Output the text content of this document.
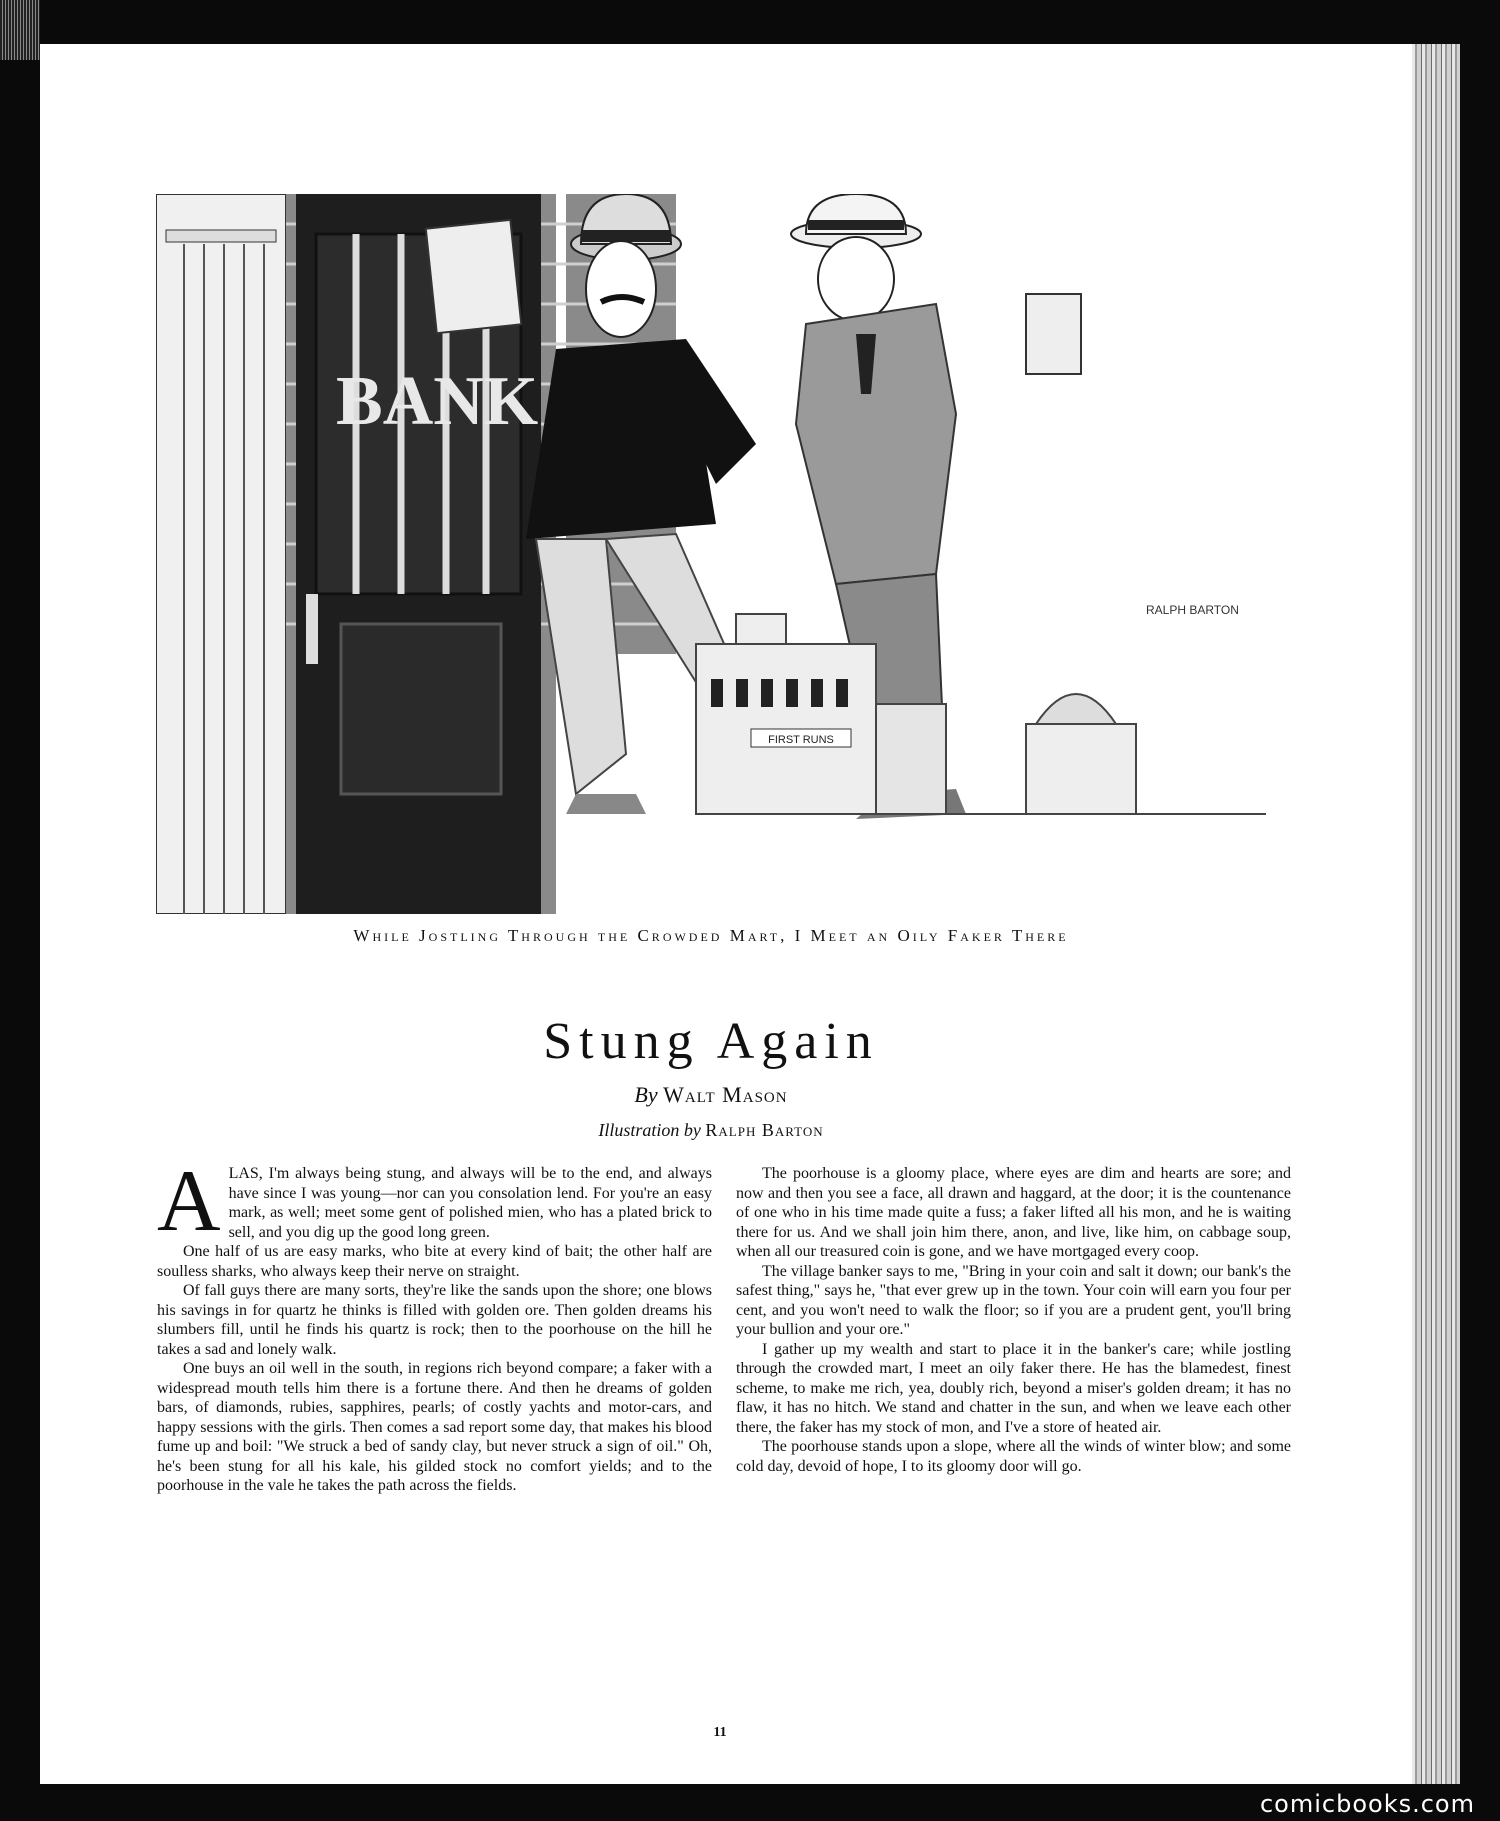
BANK
FIRST RUNS
RALPH BARTON
While Jostling Through the Crowded Mart, I Meet an Oily Faker There
Stung Again
By Walt Mason
Illustration by Ralph Barton

ALAS, I'm always being stung, and always will be to the end, and always have since I was young—nor can you consolation lend. For you're an easy mark, as well; meet some gent of polished mien, who has a plated brick to sell, and you dig up the good long green.

One half of us are easy marks, who bite at every kind of bait; the other half are soulless sharks, who always keep their nerve on straight.

Of fall guys there are many sorts, they're like the sands upon the shore; one blows his savings in for quartz he thinks is filled with golden ore. Then golden dreams his slumbers fill, until he finds his quartz is rock; then to the poorhouse on the hill he takes a sad and lonely walk.

One buys an oil well in the south, in regions rich beyond compare; a faker with a widespread mouth tells him there is a fortune there. And then he dreams of golden bars, of diamonds, rubies, sapphires, pearls; of costly yachts and motor-cars, and happy sessions with the girls. Then comes a sad report some day, that makes his blood fume up and boil: "We struck a bed of sandy clay, but never struck a sign of oil." Oh, he's been stung for all his kale, his gilded stock no comfort yields; and to the poorhouse in the vale he takes the path across the fields.

The poorhouse is a gloomy place, where eyes are dim and hearts are sore; and now and then you see a face, all drawn and haggard, at the door; it is the countenance of one who in his time made quite a fuss; a faker lifted all his mon, and he is waiting there for us. And we shall join him there, anon, and live, like him, on cabbage soup, when all our treasured coin is gone, and we have mortgaged every coop.

The village banker says to me, "Bring in your coin and salt it down; our bank's the safest thing," says he, "that ever grew up in the town. Your coin will earn you four per cent, and you won't need to walk the floor; so if you are a prudent gent, you'll bring your bullion and your ore."

I gather up my wealth and start to place it in the banker's care; while jostling through the crowded mart, I meet an oily faker there. He has the blamedest, finest scheme, to make me rich, yea, doubly rich, beyond a miser's golden dream; it has no flaw, it has no hitch. We stand and chatter in the sun, and when we leave each other there, the faker has my stock of mon, and I've a store of heated air.

The poorhouse stands upon a slope, where all the winds of winter blow; and some cold day, devoid of hope, I to its gloomy door will go.

11
comicbooks.com
